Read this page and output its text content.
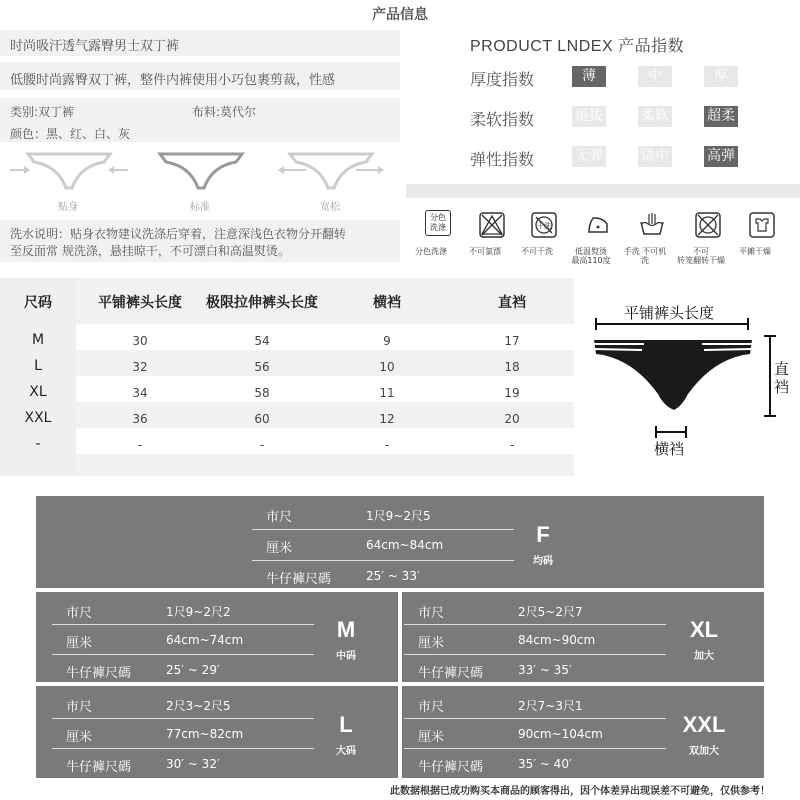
产品信息
时尚吸汗透气露臀男士双丁裤
低腰时尚露臀双丁裤，整件内裤使用小巧包裹剪裁，性感
类别:双丁裤	布料:莫代尔
颜色：黑、红、白、灰
贴身	标准	宽松
洗水说明：贴身衣物建议洗涤后穿着，注意深浅色衣物分开翻转
至反面常 规洗涤，悬挂晾干，不可漂白和高温熨烫。
PRODUCT LNDEX 产品指数
厚度指数	薄	中	厚
柔软指数	挺拔	柔软	超柔
弹性指数	无弹	适中	高弹
分色
洗涤	干洗
分色洗涤	不可氯漂	不可干洗	低温熨烫
最高110度
手洗 不可机洗
不可
转笼翻转干燥
平摊干燥
尺码	平铺裤头长度	极限拉伸裤头长度	横裆	直裆
M	30	54	9	17
L	32	56	10	18
XL	34	58	11	19
XXL	36	60	12	20
-	-	-	-	-
平铺裤头长度
直裆
横裆
市尺	1尺9~2尺5
厘米	64cm~84cm
牛仔褲尺碼	25′ ~ 33′
F
均码
市尺	1尺9~2尺2
厘米	64cm~74cm
牛仔褲尺碼	25′ ~ 29′
M
中码
市尺	2尺5~2尺7
厘米	84cm~90cm
牛仔褲尺碼	33′ ~ 35′
XL
加大
市尺	2尺3~2尺5
厘米	77cm~82cm
牛仔褲尺碼	30′ ~ 32′
L
大码
市尺	2尺7~3尺1
厘米	90cm~104cm
牛仔褲尺碼	35′ ~ 40′
XXL
双加大
此数据根据已成功购买本商品的顾客得出，因个体差异出现误差不可避免，仅供参考！
